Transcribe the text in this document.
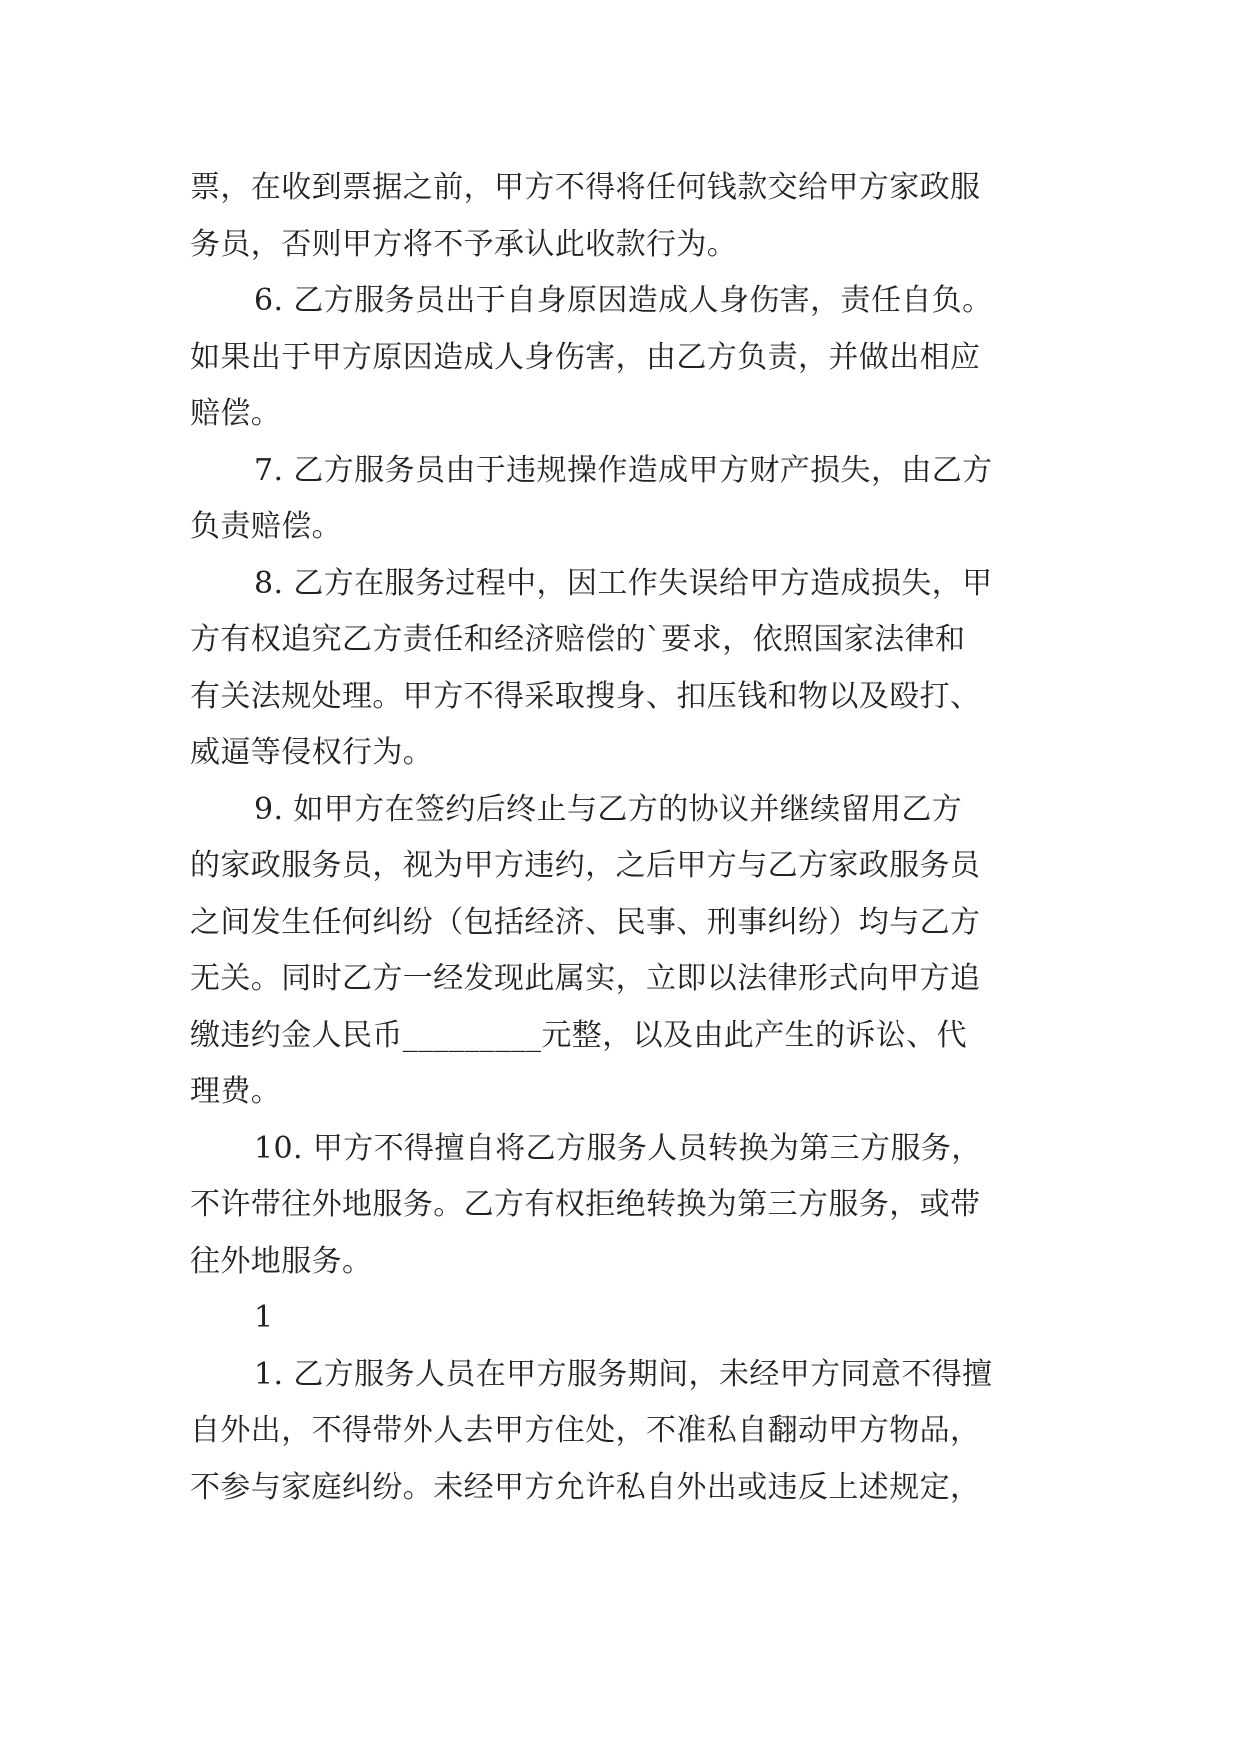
票，在收到票据之前，甲方不得将任何钱款交给甲方家政服
务员，否则甲方将不予承认此收款行为。
6. 乙方服务员出于自身原因造成人身伤害，责任自负。
如果出于甲方原因造成人身伤害，由乙方负责，并做出相应
赔偿。
7. 乙方服务员由于违规操作造成甲方财产损失，由乙方
负责赔偿。
8. 乙方在服务过程中，因工作失误给甲方造成损失，甲
方有权追究乙方责任和经济赔偿的`要求，依照国家法律和
有关法规处理。甲方不得采取搜身、扣压钱和物以及殴打、
威逼等侵权行为。
9. 如甲方在签约后终止与乙方的协议并继续留用乙方
的家政服务员，视为甲方违约，之后甲方与乙方家政服务员
之间发生任何纠纷（包括经济、民事、刑事纠纷）均与乙方
无关。同时乙方一经发现此属实，立即以法律形式向甲方追
缴违约金人民币_________元整，以及由此产生的诉讼、代
理费。
10. 甲方不得擅自将乙方服务人员转换为第三方服务，
不许带往外地服务。乙方有权拒绝转换为第三方服务，或带
往外地服务。
1
1. 乙方服务人员在甲方服务期间，未经甲方同意不得擅
自外出，不得带外人去甲方住处，不准私自翻动甲方物品，
不参与家庭纠纷。未经甲方允许私自外出或违反上述规定，
